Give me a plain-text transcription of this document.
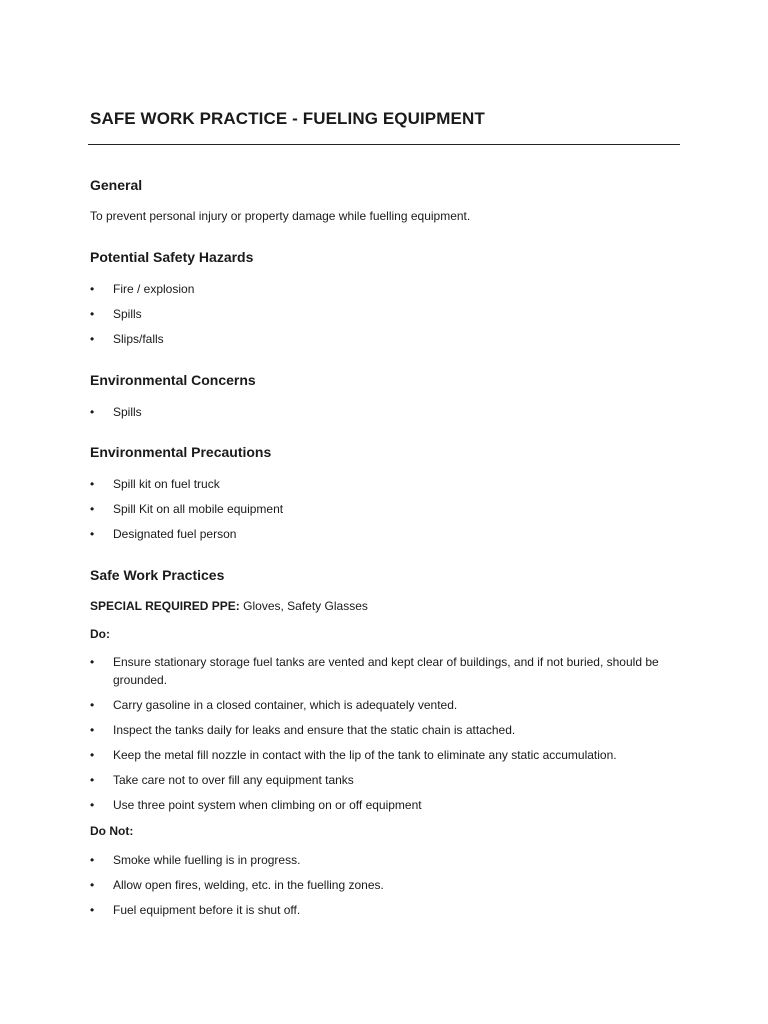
SAFE WORK PRACTICE - FUELING EQUIPMENT
General

To prevent personal injury or property damage while fuelling equipment.

Potential Safety Hazards
• Fire / explosion
• Spills
• Slips/falls
Environmental Concerns
• Spills
Environmental Precautions
• Spill kit on fuel truck
• Spill Kit on all mobile equipment
• Designated fuel person
Safe Work Practices

SPECIAL REQUIRED PPE: Gloves, Safety Glasses

Do:

• Ensure stationary storage fuel tanks are vented and kept clear of buildings, and if not buried, should be grounded.
• Carry gasoline in a closed container, which is adequately vented.
• Inspect the tanks daily for leaks and ensure that the static chain is attached.
• Keep the metal fill nozzle in contact with the lip of the tank to eliminate any static accumulation.
• Take care not to over fill any equipment tanks
• Use three point system when climbing on or off equipment

Do Not:

• Smoke while fuelling is in progress.
• Allow open fires, welding, etc. in the fuelling zones.
• Fuel equipment before it is shut off.
